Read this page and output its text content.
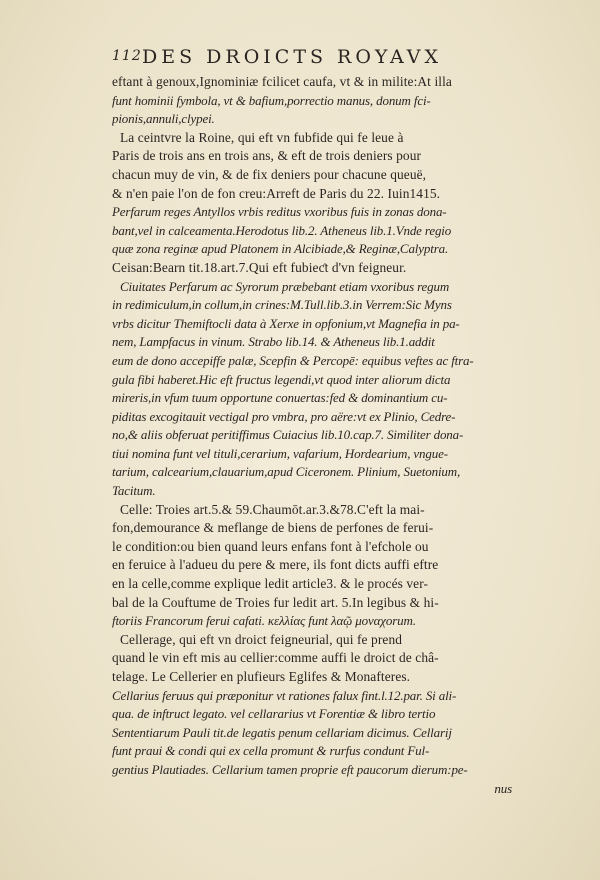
112 DES DROICTS ROYAVX
eftant à genoux,Ignominiæ fcilicet caufa, vt & in milite:At illa
funt hominii fymbola, vt & bafium,porrectio manus, donum fci-
pionis,annuli,clypei.
La ceintvre la Roine, qui eft vn fubfide qui fe leue à
Paris de trois ans en trois ans, & eft de trois deniers pour
chacun muy de vin, & de fix deniers pour chacune queuë,
& n'en paie l'on de fon creu:Arreft de Paris du 22. Iuin1415.
Perfarum reges Antyllos vrbis reditus vxoribus fuis in zonas dona-
bant,vel in calceamenta.Herodotus lib.2. Atheneus lib.1.Vnde regio
quæ zona reginæ apud Platonem in Alcibiade,& Reginæ,Calyptra.
Ceisan:Bearn tit.18.art.7.Qui eft fubieƈt d'vn feigneur.
Ciuitates Perfarum ac Syrorum præbebant etiam vxoribus regum
in redimiculum,in collum,in crines:M.Tull.lib.3.in Verrem:Sic Myns
vrbs dicitur Themiftocli data à Xerxe in opfonium,vt Magnefia in pa-
nem, Lampfacus in vinum. Strabo lib.14. & Atheneus lib.1.addit
eum de dono accepiffe palæ, Scepfin & Percopē: equibus veftes ac ftra-
gula fibi haberet.Hic eft fructus legendi,vt quod inter aliorum dicta
mireris,in vfum tuum opportune conuertas:fed & dominantium cu-
piditas excogitauit vectigal pro vmbra, pro aëre:vt ex Plinio, Cedre-
no,& aliis obferuat peritiffimus Cuiacius lib.10.cap.7. Similiter dona-
tiui nomina funt vel tituli,cerarium, vafarium, Hordearium, vngue-
tarium, calcearium,clauarium,apud Ciceronem. Plinium, Suetonium,
Tacitum.
Celle: Troies art.5.& 59.Chaumōt.ar.3.&78.C'eft la mai-
fon,demourance & meflange de biens de perfones de ferui-
le condition:ou bien quand leurs enfans font à l'efchole ou
en feruice à l'adueu du pere & mere, ils font dicts auffi eftre
en la celle,comme explique ledit article3. & le procés ver-
bal de la Couftume de Troies fur ledit art. 5.In legibus & hi-
ftoriis Francorum ferui cafati. κελλίας funt λαῷ μοναχorum.
Cellerage, qui eft vn droict feigneurial, qui fe prend
quand le vin eft mis au cellier:comme auffi le droict de châ-
telage. Le Cellerier en plufieurs Eglifes & Monafteres.
Cellarius feruus qui præponitur vt rationes falux fint.l.12.par. Si ali-
qua. de inftruct legato. vel cellararius vt Forentiæ & libro tertio
Sententiarum Pauli tit.de legatis penum cellariam dicimus. Cellarij
funt praui & condi qui ex cella promunt & rurfus condunt Ful-
gentius Plautiades. Cellarium tamen proprie eft paucorum dierum:pe-
nus
